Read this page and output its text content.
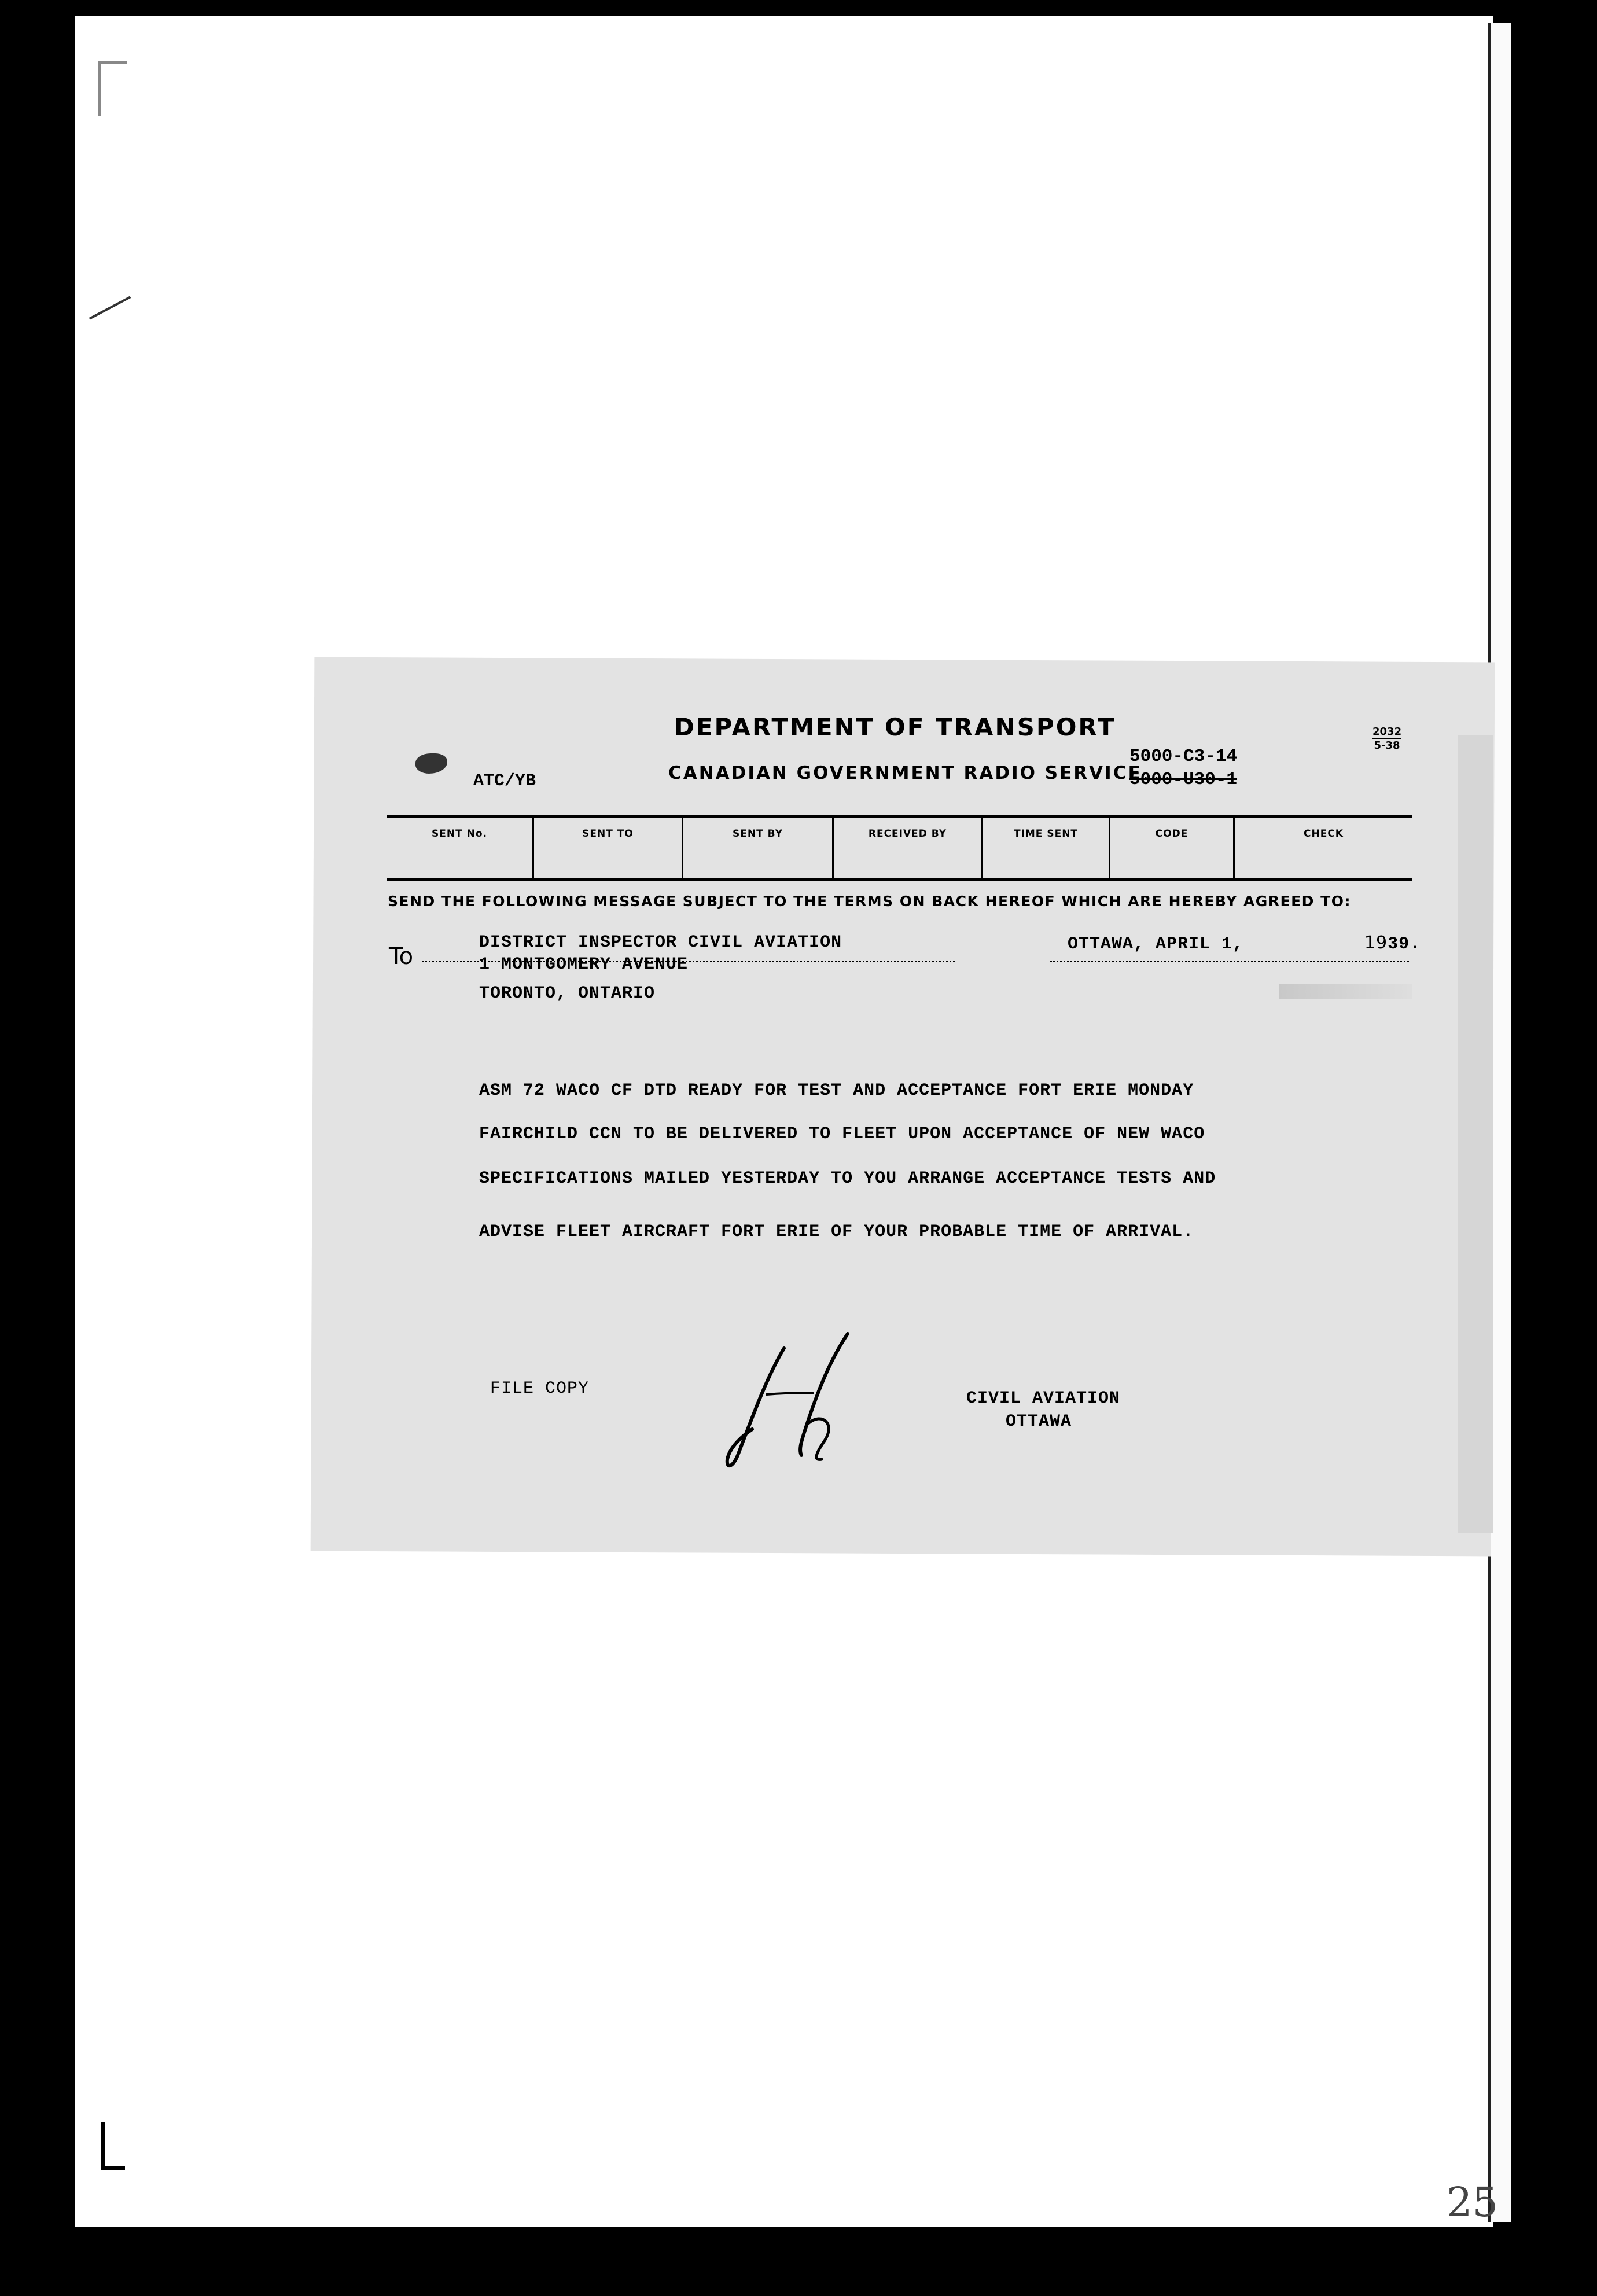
25
DEPARTMENT OF TRANSPORT
CANADIAN GOVERNMENT RADIO SERVICE
5000-C3-14
5000-U30-1
2032
5-38
ATC/YB
SENT No.	SENT TO	SENT BY	RECEIVED BY	TIME SENT	CODE	CHECK
SEND THE FOLLOWING MESSAGE SUBJECT TO THE TERMS ON BACK HEREOF WHICH ARE HEREBY AGREED TO:
To
DISTRICT INSPECTOR CIVIL AVIATION
1 MONTGOMERY AVENUE
TORONTO, ONTARIO
OTTAWA, APRIL 1,	1939.
ASM 72 WACO CF DTD READY FOR TEST AND ACCEPTANCE FORT ERIE MONDAY
FAIRCHILD CCN TO BE DELIVERED TO FLEET UPON ACCEPTANCE OF NEW WACO
SPECIFICATIONS MAILED YESTERDAY TO YOU ARRANGE ACCEPTANCE TESTS AND
ADVISE FLEET AIRCRAFT FORT ERIE OF YOUR PROBABLE TIME OF ARRIVAL.
FILE COPY	CIVIL AVIATION
OTTAWA
